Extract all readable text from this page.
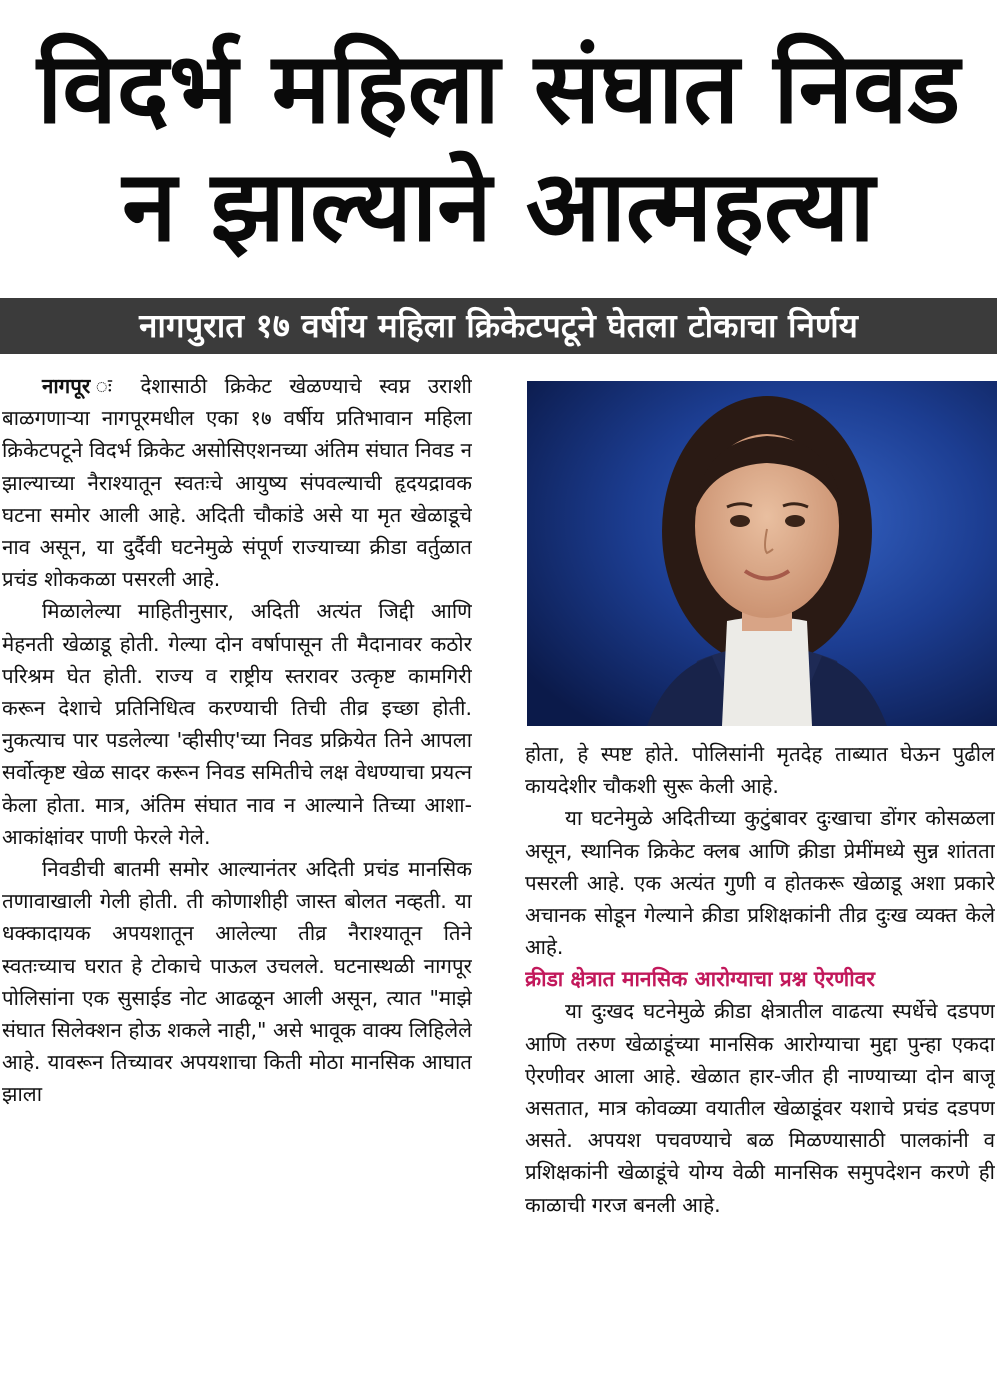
विदर्भ महिला संघात निवड
न झाल्याने आत्महत्या
नागपुरात १७ वर्षीय महिला क्रिकेटपटूने घेतला टोकाचा निर्णय

नागपूर ः देशासाठी क्रिकेट खेळण्याचे स्वप्न उराशी बाळगणाऱ्या नागपूरमधील एका १७ वर्षीय प्रतिभावान महिला क्रिकेटपटूने विदर्भ क्रिकेट असोसिएशनच्या अंतिम संघात निवड न झाल्याच्या नैराश्यातून स्वतःचे आयुष्य संपवल्याची हृदयद्रावक घटना समोर आली आहे. अदिती चौकांडे असे या मृत खेळाडूचे नाव असून, या दुर्दैवी घटनेमुळे संपूर्ण राज्याच्या क्रीडा वर्तुळात प्रचंड शोककळा पसरली आहे.

मिळालेल्या माहितीनुसार, अदिती अत्यंत जिद्दी आणि मेहनती खेळाडू होती. गेल्या दोन वर्षापासून ती मैदानावर कठोर परिश्रम घेत होती. राज्य व राष्ट्रीय स्तरावर उत्कृष्ट कामगिरी करून देशाचे प्रतिनिधित्व करण्याची तिची तीव्र इच्छा होती. नुकत्याच पार पडलेल्या 'व्हीसीए'च्या निवड प्रक्रियेत तिने आपला सर्वोत्कृष्ट खेळ सादर करून निवड समितीचे लक्ष वेधण्याचा प्रयत्न केला होता. मात्र, अंतिम संघात नाव न आल्याने तिच्या आशा-आकांक्षांवर पाणी फेरले गेले.

निवडीची बातमी समोर आल्यानंतर अदिती प्रचंड मानसिक तणावाखाली गेली होती. ती कोणाशीही जास्त बोलत नव्हती. या धक्कादायक अपयशातून आलेल्या तीव्र नैराश्यातून तिने स्वतःच्याच घरात हे टोकाचे पाऊल उचलले. घटनास्थळी नागपूर पोलिसांना एक सुसाईड नोट आढळून आली असून, त्यात "माझे संघात सिलेक्शन होऊ शकले नाही," असे भावूक वाक्य लिहिलेले आहे. यावरून तिच्यावर अपयशाचा किती मोठा मानसिक आघात झाला

होता, हे स्पष्ट होते. पोलिसांनी मृतदेह ताब्यात घेऊन पुढील कायदेशीर चौकशी सुरू केली आहे.

या घटनेमुळे अदितीच्या कुटुंबावर दुःखाचा डोंगर कोसळला असून, स्थानिक क्रिकेट क्लब आणि क्रीडा प्रेमींमध्ये सुन्न शांतता पसरली आहे. एक अत्यंत गुणी व होतकरू खेळाडू अशा प्रकारे अचानक सोडून गेल्याने क्रीडा प्रशिक्षकांनी तीव्र दुःख व्यक्त केले आहे.

क्रीडा क्षेत्रात मानसिक आरोग्याचा प्रश्न ऐरणीवर

या दुःखद घटनेमुळे क्रीडा क्षेत्रातील वाढत्या स्पर्धेचे दडपण आणि तरुण खेळाडूंच्या मानसिक आरोग्याचा मुद्दा पुन्हा एकदा ऐरणीवर आला आहे. खेळात हार-जीत ही नाण्याच्या दोन बाजू असतात, मात्र कोवळ्या वयातील खेळाडूंवर यशाचे प्रचंड दडपण असते. अपयश पचवण्याचे बळ मिळण्यासाठी पालकांनी व प्रशिक्षकांनी खेळाडूंचे योग्य वेळी मानसिक समुपदेशन करणे ही काळाची गरज बनली आहे.
